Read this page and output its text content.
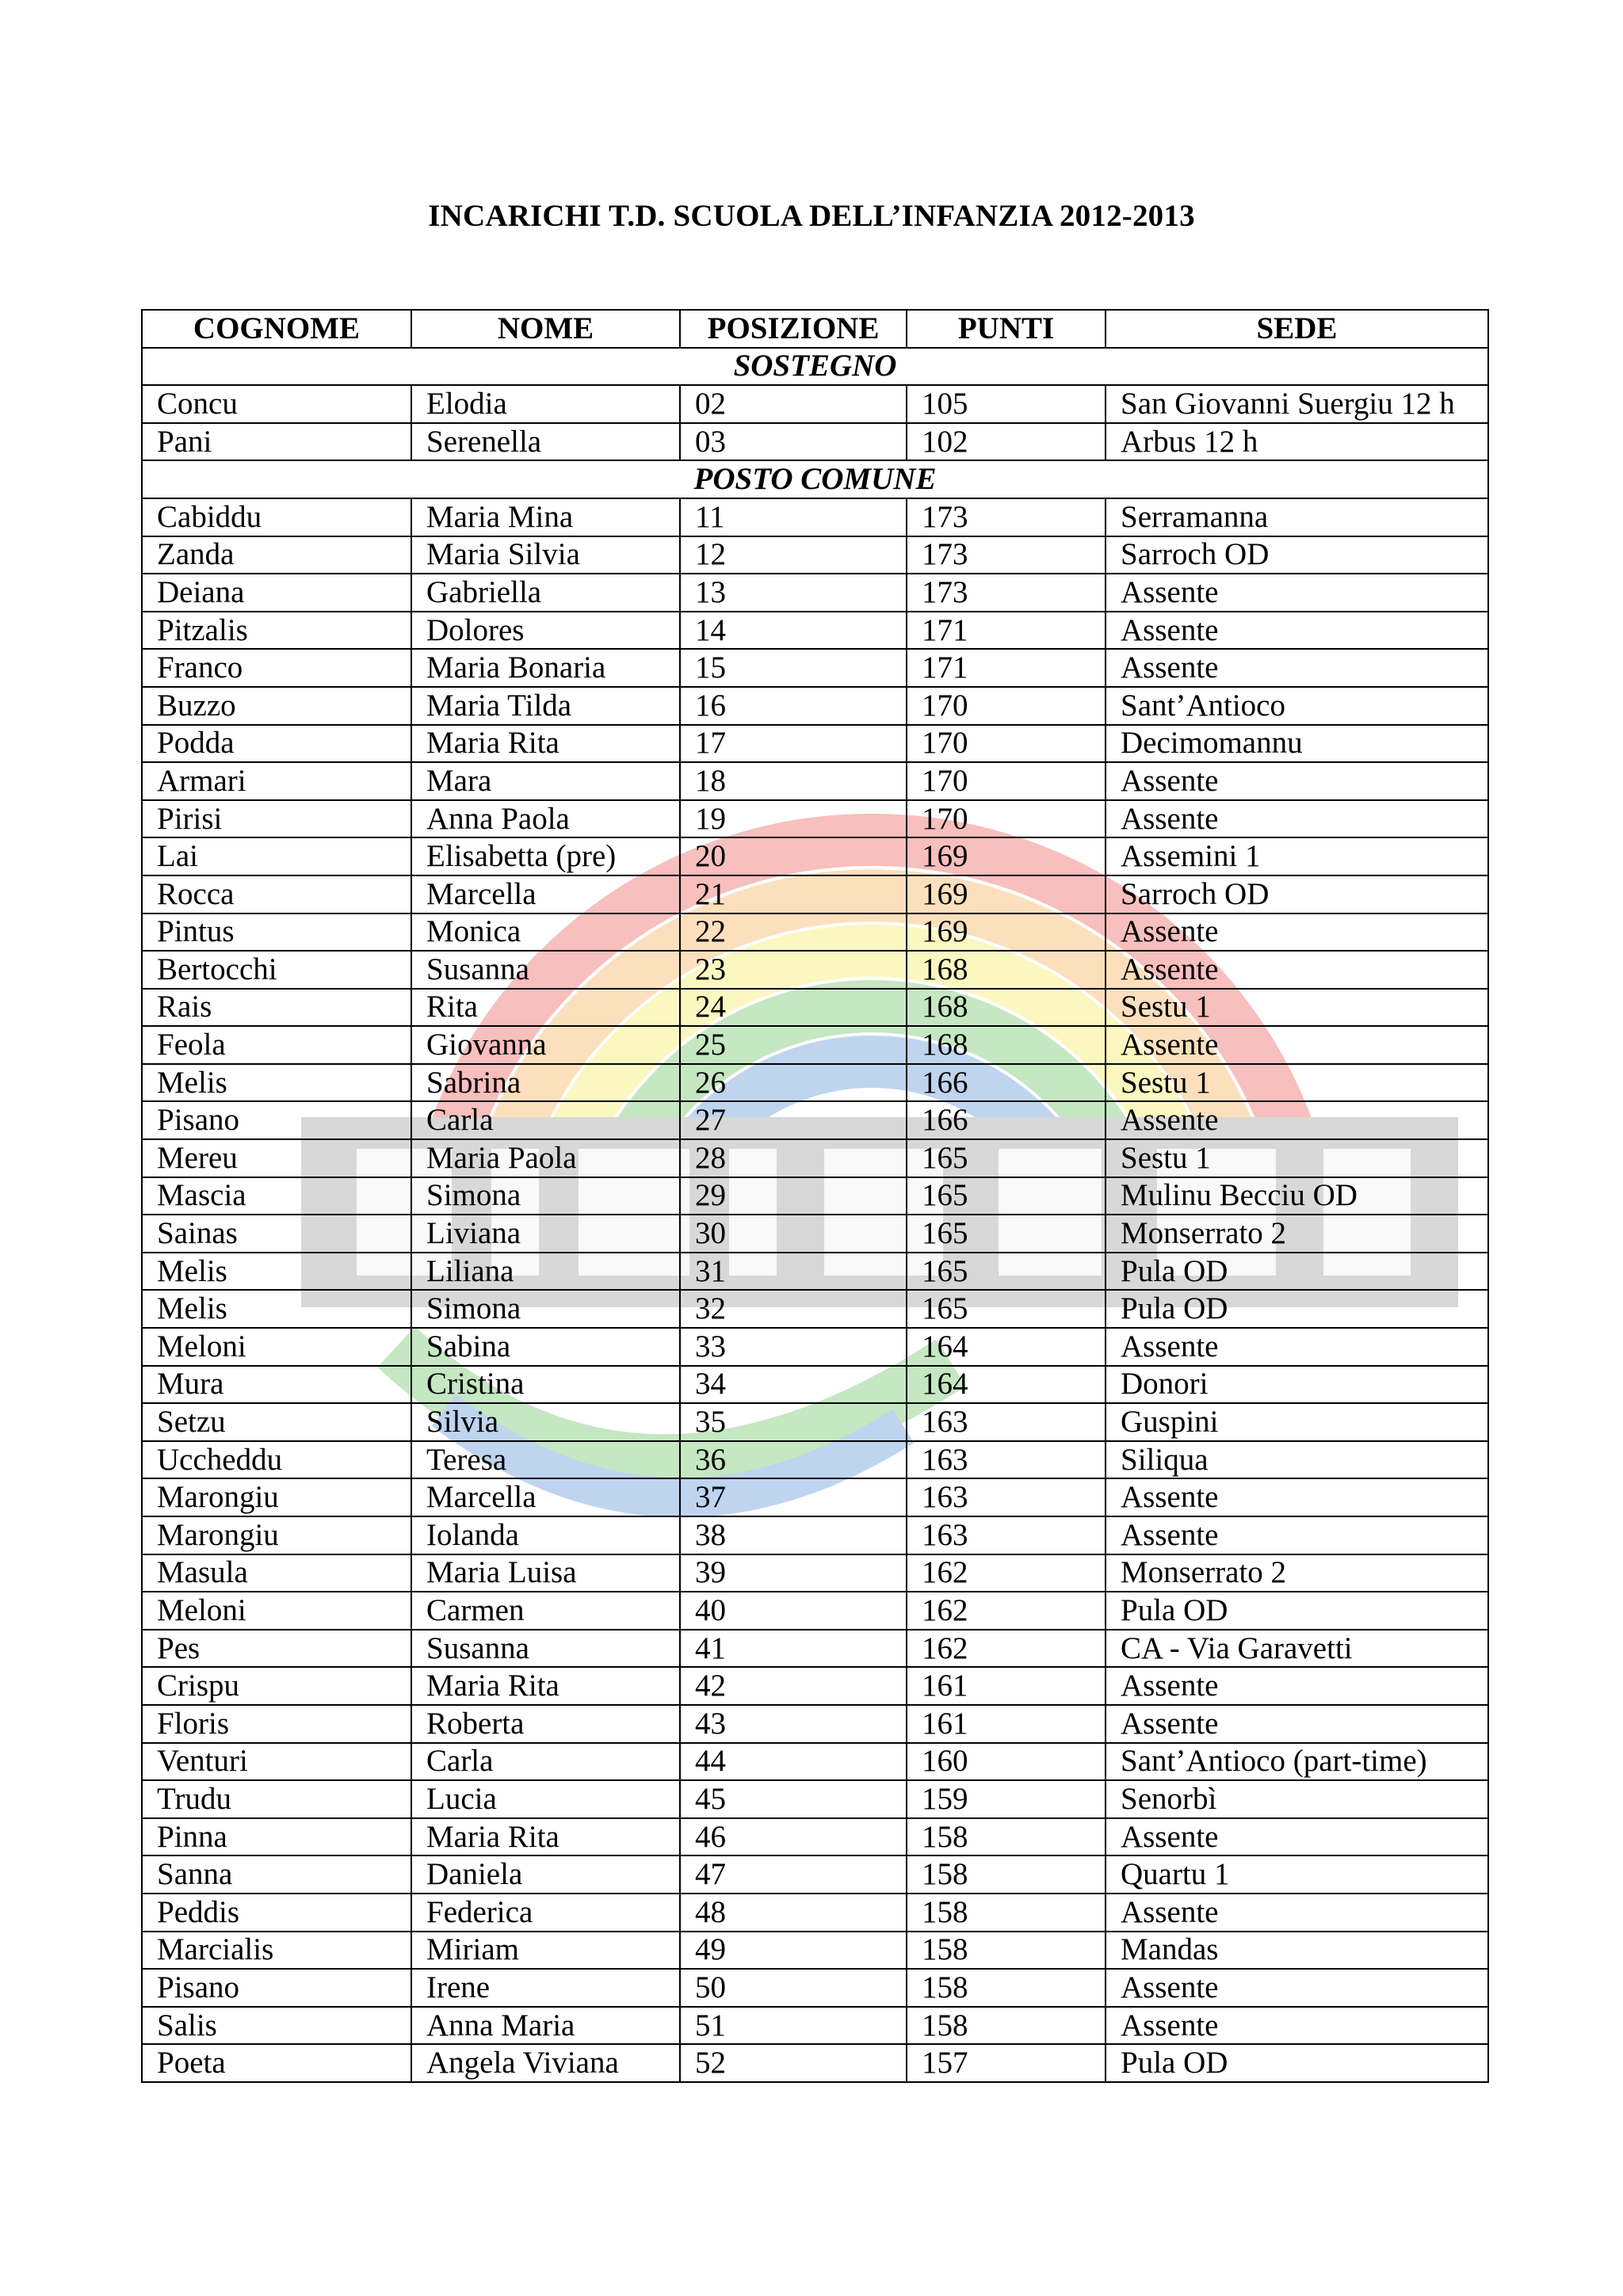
INCARICHI T.D. SCUOLA DELL’INFANZIA 2012-2013
COGNOME	NOME	POSIZIONE	PUNTI	SEDE
SOSTEGNO				
Concu	Elodia	02	105	San Giovanni Suergiu 12 h
Pani	Serenella	03	102	Arbus 12 h
POSTO COMUNE				
Cabiddu	Maria Mina	11	173	Serramanna
Zanda	Maria Silvia	12	173	Sarroch OD
Deiana	Gabriella	13	173	Assente
Pitzalis	Dolores	14	171	Assente
Franco	Maria Bonaria	15	171	Assente
Buzzo	Maria Tilda	16	170	Sant’Antioco
Podda	Maria Rita	17	170	Decimomannu
Armari	Mara	18	170	Assente
Pirisi	Anna Paola	19	170	Assente
Lai	Elisabetta (pre)	20	169	Assemini 1
Rocca	Marcella	21	169	Sarroch OD
Pintus	Monica	22	169	Assente
Bertocchi	Susanna	23	168	Assente
Rais	Rita	24	168	Sestu 1
Feola	Giovanna	25	168	Assente
Melis	Sabrina	26	166	Sestu 1
Pisano	Carla	27	166	Assente
Mereu	Maria Paola	28	165	Sestu 1
Mascia	Simona	29	165	Mulinu Becciu OD
Sainas	Liviana	30	165	Monserrato 2
Melis	Liliana	31	165	Pula OD
Melis	Simona	32	165	Pula OD
Meloni	Sabina	33	164	Assente
Mura	Cristina	34	164	Donori
Setzu	Silvia	35	163	Guspini
Uccheddu	Teresa	36	163	Siliqua
Marongiu	Marcella	37	163	Assente
Marongiu	Iolanda	38	163	Assente
Masula	Maria Luisa	39	162	Monserrato 2
Meloni	Carmen	40	162	Pula OD
Pes	Susanna	41	162	CA - Via Garavetti
Crispu	Maria Rita	42	161	Assente
Floris	Roberta	43	161	Assente
Venturi	Carla	44	160	Sant’Antioco (part-time)
Trudu	Lucia	45	159	Senorbì
Pinna	Maria Rita	46	158	Assente
Sanna	Daniela	47	158	Quartu 1
Peddis	Federica	48	158	Assente
Marcialis	Miriam	49	158	Mandas
Pisano	Irene	50	158	Assente
Salis	Anna Maria	51	158	Assente
Poeta	Angela Viviana	52	157	Pula OD
